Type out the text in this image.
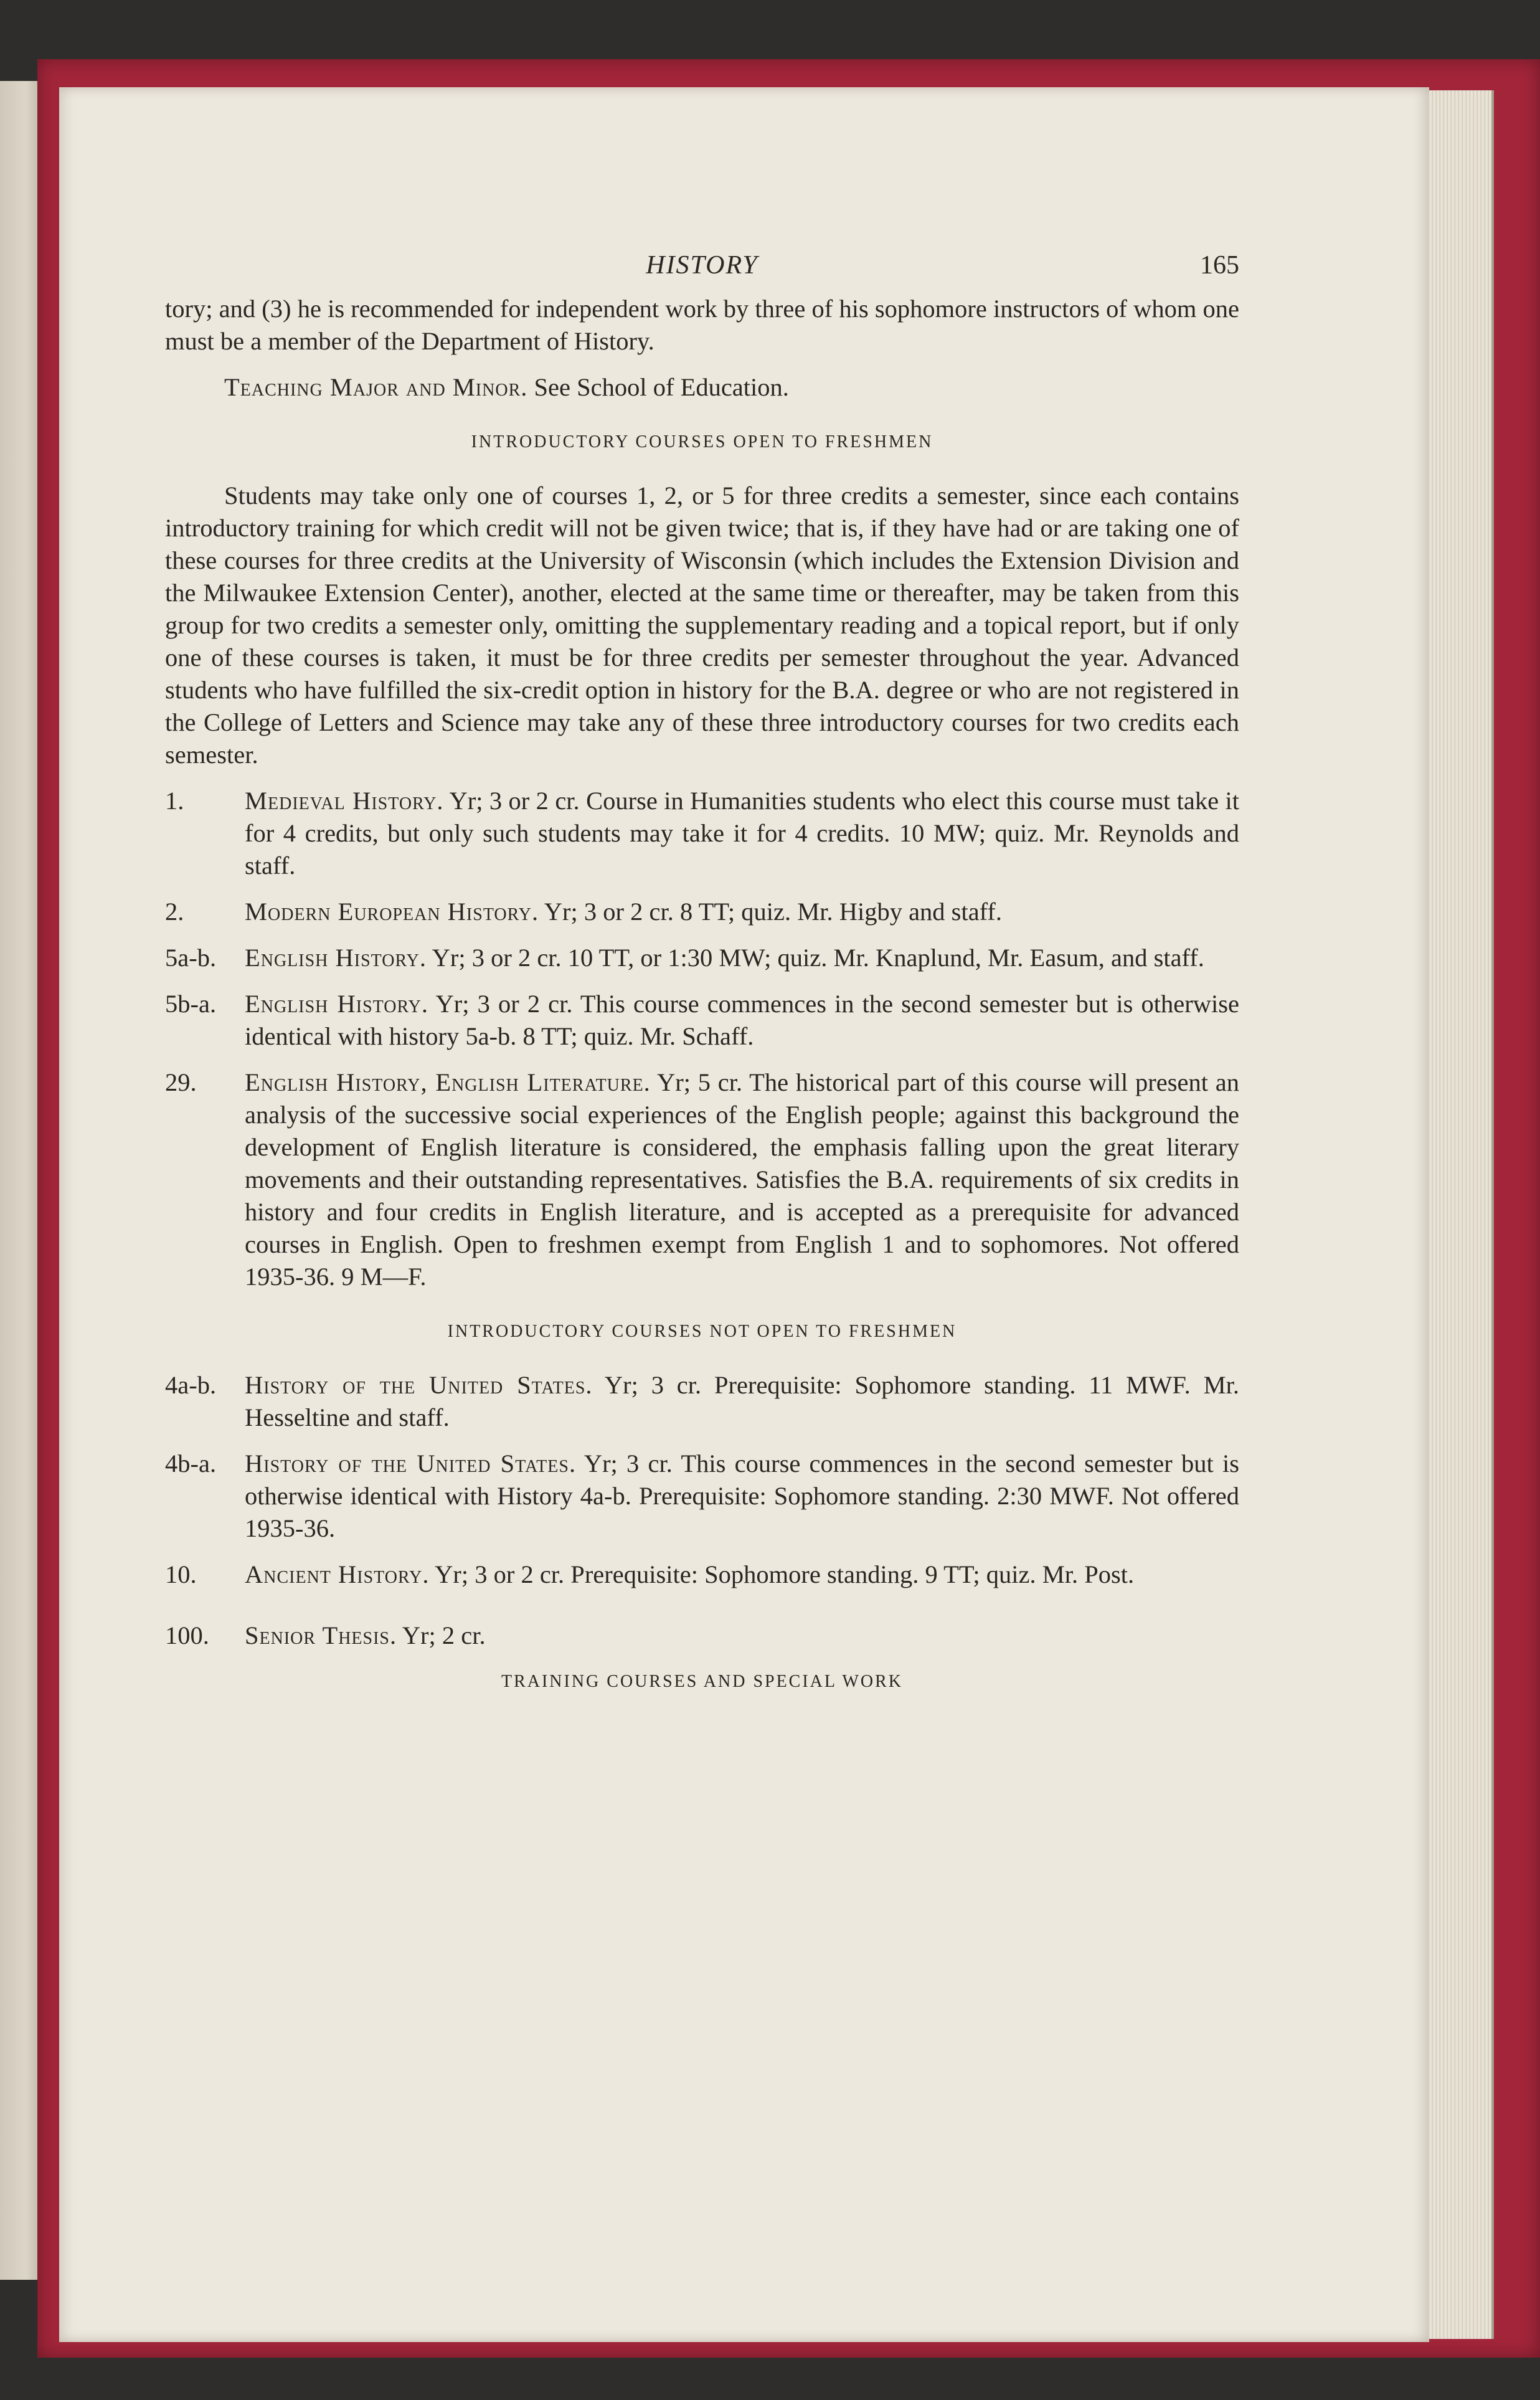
HISTORY	165

tory; and (3) he is recommended for independent work by three of his sophomore instructors of whom one must be a member of the Department of History.

Teaching Major and Minor. See School of Education.

INTRODUCTORY COURSES OPEN TO FRESHMEN

Students may take only one of courses 1, 2, or 5 for three credits a semester, since each contains introductory training for which credit will not be given twice; that is, if they have had or are taking one of these courses for three credits at the University of Wisconsin (which includes the Extension Division and the Milwaukee Extension Center), another, elected at the same time or thereafter, may be taken from this group for two credits a semester only, omitting the supplementary reading and a topical report, but if only one of these courses is taken, it must be for three credits per semester throughout the year. Advanced students who have fulfilled the six-credit option in history for the B.A. degree or who are not registered in the College of Letters and Science may take any of these three introductory courses for two credits each semester.

1.	Medieval History. Yr; 3 or 2 cr. Course in Humanities students who elect this course must take it for 4 credits, but only such students may take it for 4 credits. 10 MW; quiz. Mr. Reynolds and staff.
2.	Modern European History. Yr; 3 or 2 cr. 8 TT; quiz. Mr. Higby and staff.
5a-b.	English History. Yr; 3 or 2 cr. 10 TT, or 1:30 MW; quiz. Mr. Knaplund, Mr. Easum, and staff.
5b-a.	English History. Yr; 3 or 2 cr. This course commences in the second semester but is otherwise identical with history 5a-b. 8 TT; quiz. Mr. Schaff.
29.	English History, English Literature. Yr; 5 cr. The historical part of this course will present an analysis of the successive social experiences of the English people; against this background the development of English literature is considered, the emphasis falling upon the great literary movements and their outstanding representatives. Satisfies the B.A. requirements of six credits in history and four credits in English literature, and is accepted as a prerequisite for advanced courses in English. Open to freshmen exempt from English 1 and to sophomores. Not offered 1935-36. 9 M—F.
INTRODUCTORY COURSES NOT OPEN TO FRESHMEN
4a-b.	History of the United States. Yr; 3 cr. Prerequisite: Sophomore standing. 11 MWF. Mr. Hesseltine and staff.
4b-a.	History of the United States. Yr; 3 cr. This course commences in the second semester but is otherwise identical with History 4a-b. Prerequisite: Sophomore standing. 2:30 MWF. Not offered 1935-36.
10.	Ancient History. Yr; 3 or 2 cr. Prerequisite: Sophomore standing. 9 TT; quiz. Mr. Post.
100.	Senior Thesis. Yr; 2 cr.
TRAINING COURSES AND SPECIAL WORK
